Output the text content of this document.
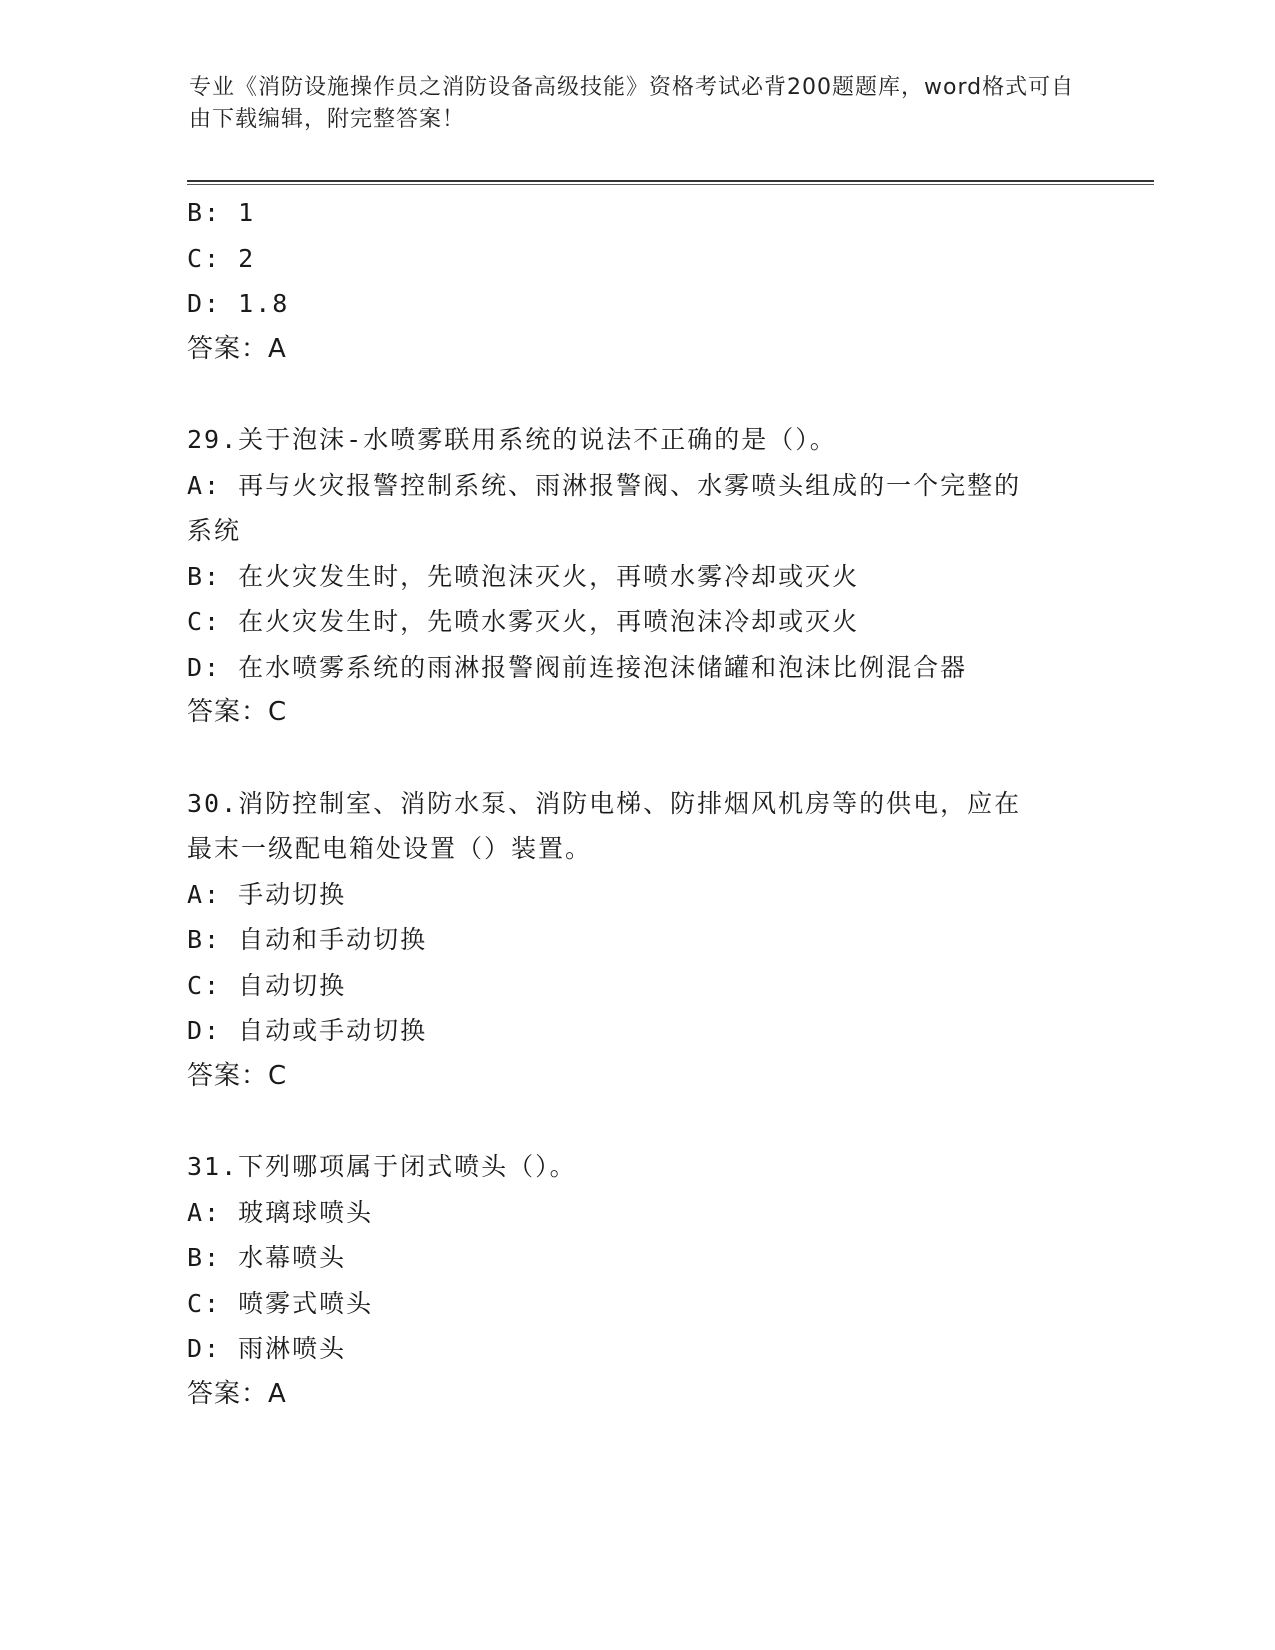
专业《消防设施操作员之消防设备高级技能》资格考试必背200题题库，word格式可自由下载编辑，附完整答案！

B: 1

C: 2

D: 1.8

答案：A

29.关于泡沫-水喷雾联用系统的说法不正确的是（）。

A: 再与火灾报警控制系统、雨淋报警阀、水雾喷头组成的一个完整的

系统

B: 在火灾发生时，先喷泡沫灭火，再喷水雾冷却或灭火

C: 在火灾发生时，先喷水雾灭火，再喷泡沫冷却或灭火

D: 在水喷雾系统的雨淋报警阀前连接泡沫储罐和泡沫比例混合器

答案：C

30.消防控制室、消防水泵、消防电梯、防排烟风机房等的供电，应在

最末一级配电箱处设置（）装置。

A: 手动切换

B: 自动和手动切换

C: 自动切换

D: 自动或手动切换

答案：C

31.下列哪项属于闭式喷头（）。

A: 玻璃球喷头

B: 水幕喷头

C: 喷雾式喷头

D: 雨淋喷头

答案：A
